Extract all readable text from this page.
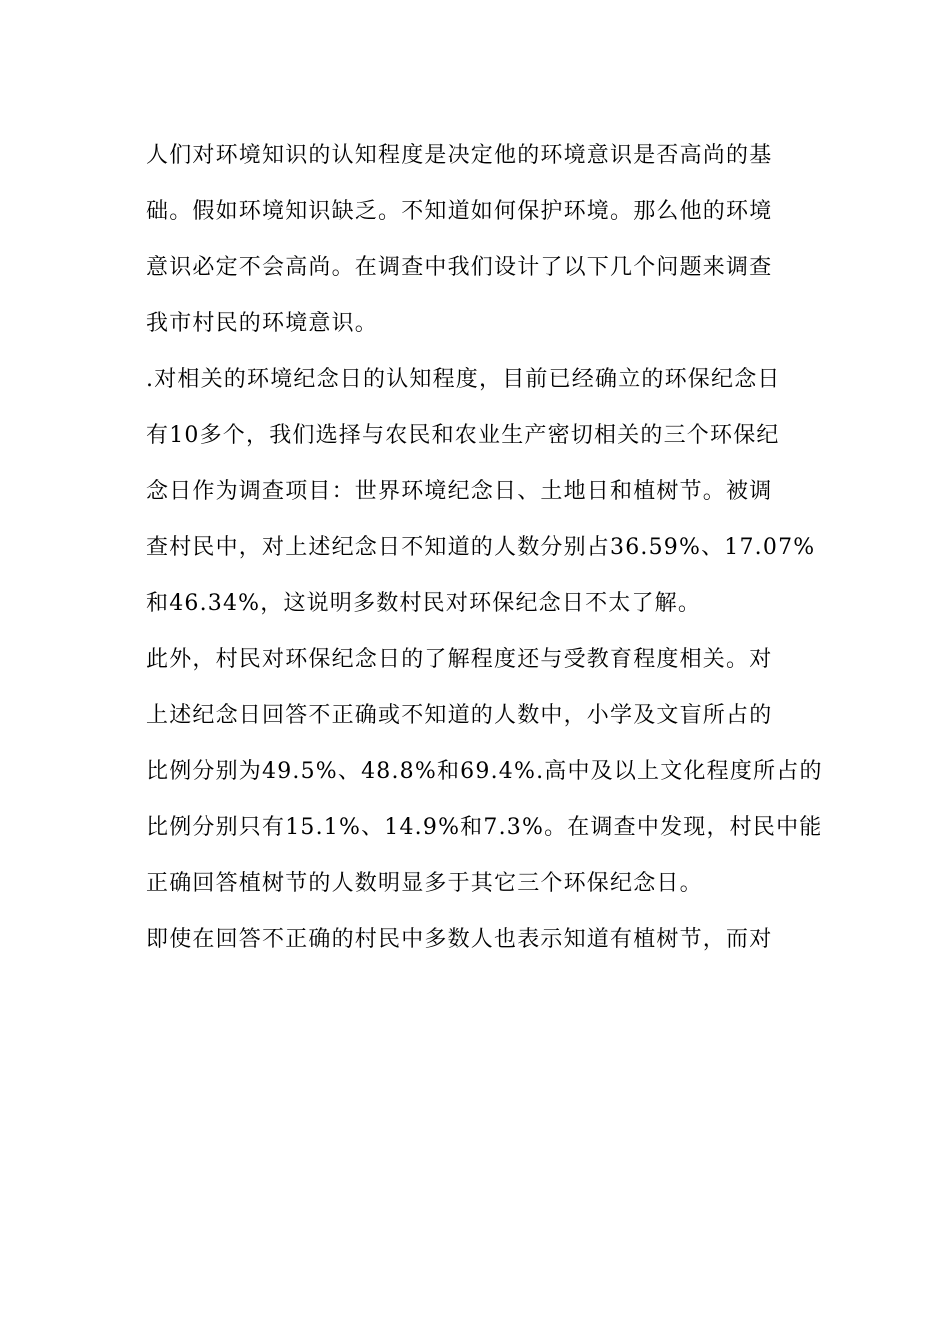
人们对环境知识的认知程度是决定他的环境意识是否高尚的基
础。假如环境知识缺乏。不知道如何保护环境。那么他的环境
意识必定不会高尚。在调查中我们设计了以下几个问题来调查
我市村民的环境意识。
.对相关的环境纪念日的认知程度，目前已经确立的环保纪念日
有10多个，我们选择与农民和农业生产密切相关的三个环保纪
念日作为调查项目：世界环境纪念日、土地日和植树节。被调
查村民中，对上述纪念日不知道的人数分别占36.59%、17.07%
和46.34%，这说明多数村民对环保纪念日不太了解。
此外，村民对环保纪念日的了解程度还与受教育程度相关。对
上述纪念日回答不正确或不知道的人数中，小学及文盲所占的
比例分别为49.5%、48.8%和69.4%.高中及以上文化程度所占的
比例分别只有15.1%、14.9%和7.3%。在调查中发现，村民中能
正确回答植树节的人数明显多于其它三个环保纪念日。
即使在回答不正确的村民中多数人也表示知道有植树节，而对
